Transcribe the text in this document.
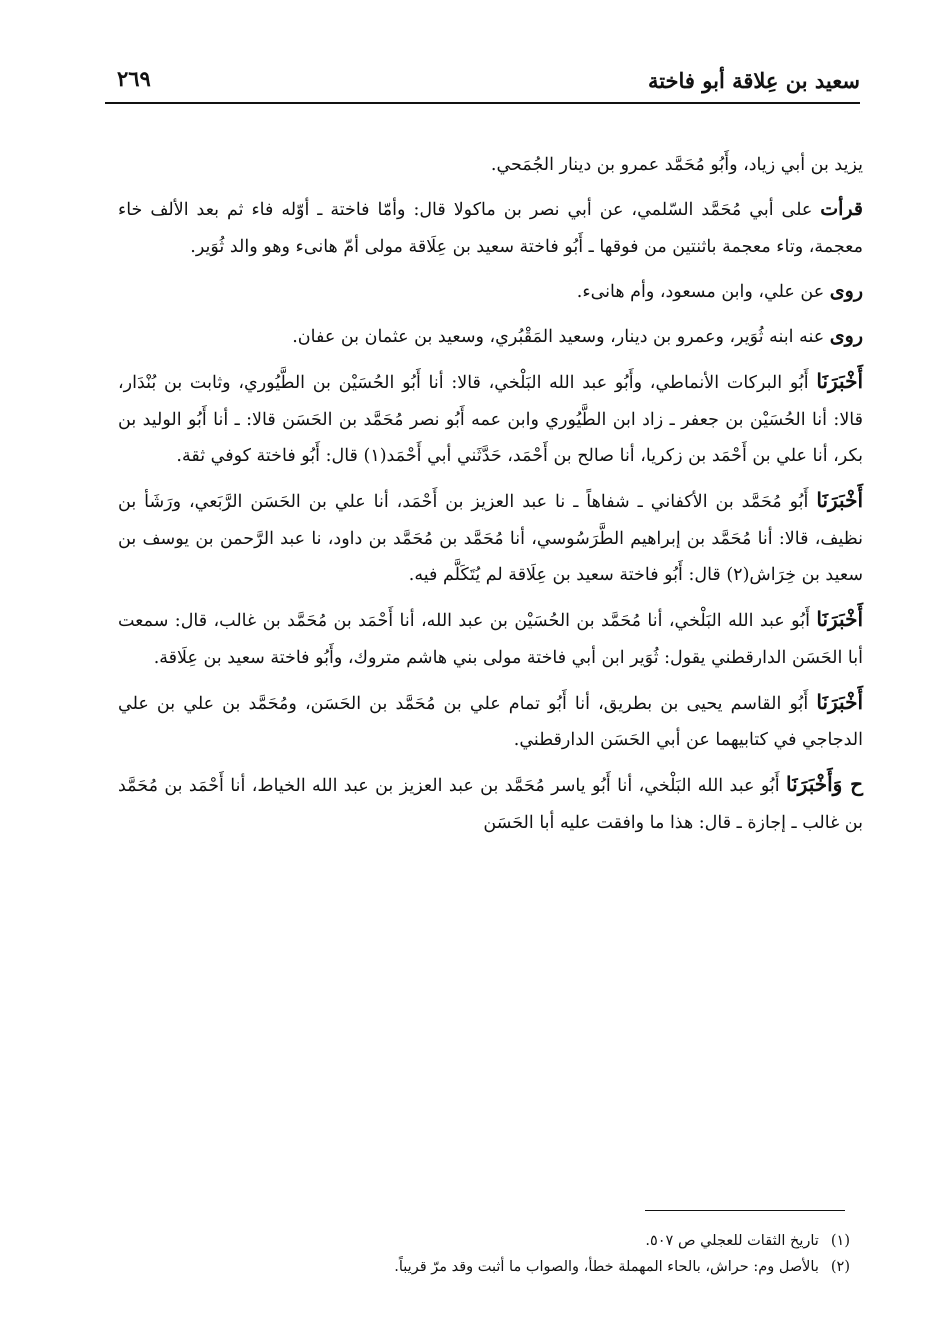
سعيد بن عِلاقة أبو فاختة
٢٦٩

يزيد بن أبي زياد، وأَبُو مُحَمَّد عمرو بن دينار الجُمَحي.

قرأت على أبي مُحَمَّد السّلمي، عن أبي نصر بن ماكولا قال: وأمّا فاختة ـ أوّله فاء ثم بعد الألف خاء معجمة، وتاء معجمة باثنتين من فوقها ـ أَبُو فاختة سعيد بن عِلَاقة مولى أمّ هانىء وهو والد ثُوَير.

روى عن علي، وابن مسعود، وأم هانىء.

روى عنه ابنه ثُوَير، وعمرو بن دينار، وسعيد المَقْبُري، وسعيد بن عثمان بن عفان.

أَخْبَرَنَا أَبُو البركات الأنماطي، وأَبُو عبد الله البَلْخي، قالا: أنا أَبُو الحُسَيْن بن الطَّيُوري، وثابت بن بُنْدَار، قالا: أنا الحُسَيْن بن جعفر ـ زاد ابن الطَّيُوري وابن عمه أَبُو نصر مُحَمَّد بن الحَسَن قالا: ـ أنا أَبُو الوليد بن بكر، أنا علي بن أَحْمَد بن زكريا، أنا صالح بن أَحْمَد، حَدَّثَني أبي أَحْمَد(١) قال: أَبُو فاختة كوفي ثقة.

أَخْبَرَنَا أَبُو مُحَمَّد بن الأكفاني ـ شفاهاً ـ نا عبد العزيز بن أَحْمَد، أنا علي بن الحَسَن الرَّبَعي، ورَشَأ بن نظيف، قالا: أنا مُحَمَّد بن إبراهيم الطَّرَسُوسي، أنا مُحَمَّد بن مُحَمَّد بن داود، نا عبد الرَّحمن بن يوسف بن سعيد بن خِرَاش(٢) قال: أَبُو فاختة سعيد بن عِلَاقة لم يُتَكَلَّم فيه.

أَخْبَرَنَا أَبُو عبد الله البَلْخي، أنا مُحَمَّد بن الحُسَيْن بن عبد الله، أنا أَحْمَد بن مُحَمَّد بن غالب، قال: سمعت أبا الحَسَن الدارقطني يقول: ثُوَير ابن أبي فاختة مولى بني هاشم متروك، وأَبُو فاختة سعيد بن عِلَاقة.

أَخْبَرَنَا أَبُو القاسم يحيى بن بطريق، أنا أَبُو تمام علي بن مُحَمَّد بن الحَسَن، ومُحَمَّد بن علي بن علي الدجاجي في كتابيهما عن أبي الحَسَن الدارقطني.

ح وَأَخْبَرَنَا أَبُو عبد الله البَلْخي، أنا أَبُو ياسر مُحَمَّد بن عبد العزيز بن عبد الله الخياط، أنا أَحْمَد بن مُحَمَّد بن غالب ـ إجازة ـ قال: هذا ما وافقت عليه أبا الحَسَن

(١)تاريخ الثقات للعجلي ص ٥٠٧.
(٢)بالأصل وم: حراش، بالحاء المهملة خطأ، والصواب ما أثبت وقد مرّ قريباً.
